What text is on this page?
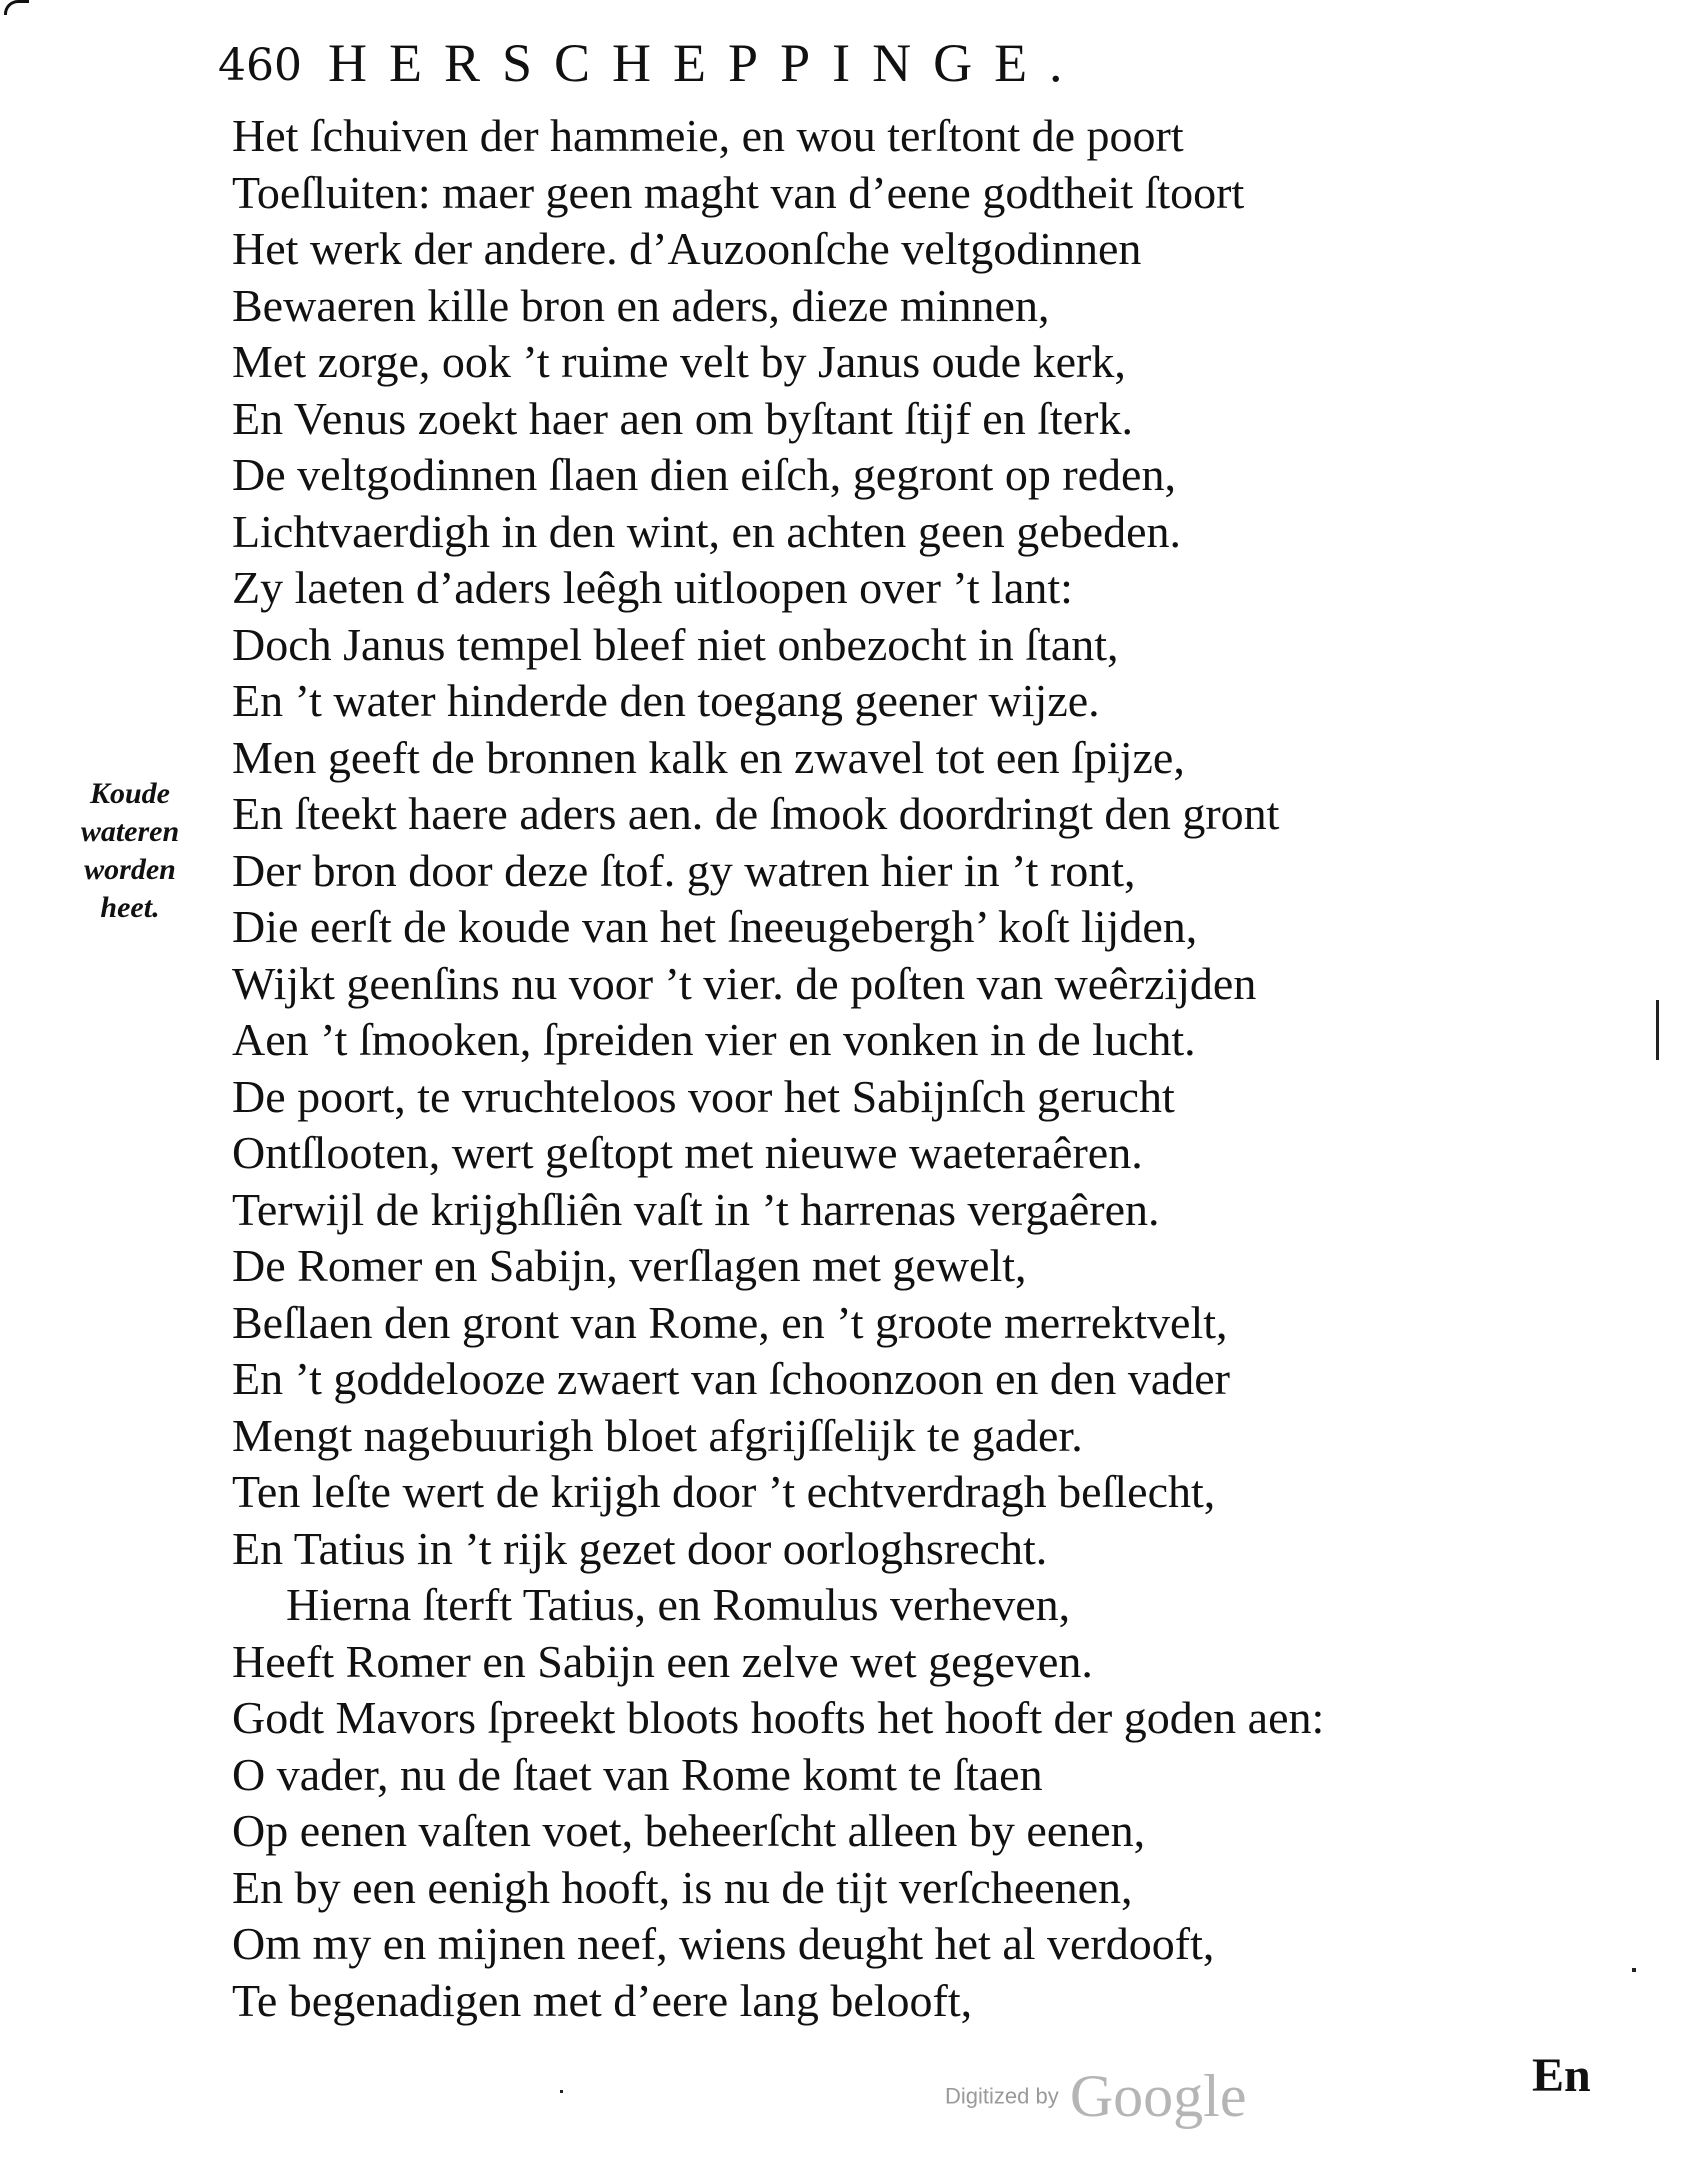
460 HERSCHEPPINGE.
Koude
wateren
worden
heet.
Het ſchuiven der hammeie, en wou terſtont de poort
Toeſluiten: maer geen maght van d’eene godtheit ſtoort
Het werk der andere. d’Auzoonſche veltgodinnen
Bewaeren kille bron en aders, dieze minnen,
Met zorge, ook ’t ruime velt by Janus oude kerk,
En Venus zoekt haer aen om byſtant ſtijf en ſterk.
De veltgodinnen ſlaen dien eiſch, gegront op reden,
Lichtvaerdigh in den wint, en achten geen gebeden.
Zy laeten d’aders leêgh uitloopen over ’t lant:
Doch Janus tempel bleef niet onbezocht in ſtant,
En ’t water hinderde den toegang geener wijze.
Men geeft de bronnen kalk en zwavel tot een ſpijze,
En ſteekt haere aders aen. de ſmook doordringt den gront
Der bron door deze ſtof. gy watren hier in ’t ront,
Die eerſt de koude van het ſneeugebergh’ koſt lijden,
Wijkt geenſins nu voor ’t vier. de poſten van weêrzijden
Aen ’t ſmooken, ſpreiden vier en vonken in de lucht.
De poort, te vruchteloos voor het Sabijnſch gerucht
Ontſlooten, wert geſtopt met nieuwe waeteraêren.
Terwijl de krijghſliên vaſt in ’t harrenas vergaêren.
De Romer en Sabijn, verſlagen met gewelt,
Beſlaen den gront van Rome, en ’t groote merrektvelt,
En ’t goddelooze zwaert van ſchoonzoon en den vader
Mengt nagebuurigh bloet afgrijſſelijk te gader.
Ten leſte wert de krijgh door ’t echtverdragh beſlecht,
En Tatius in ’t rijk gezet door oorloghsrecht.
Hierna ſterft Tatius, en Romulus verheven,
Heeft Romer en Sabijn een zelve wet gegeven.
Godt Mavors ſpreekt bloots hoofts het hooft der goden aen:
O vader, nu de ſtaet van Rome komt te ſtaen
Op eenen vaſten voet, beheerſcht alleen by eenen,
En by een eenigh hooft, is nu de tijt verſcheenen,
Om my en mijnen neef, wiens deught het al verdooft,
Te begenadigen met d’eere lang belooft,
Digitized by Google	En
